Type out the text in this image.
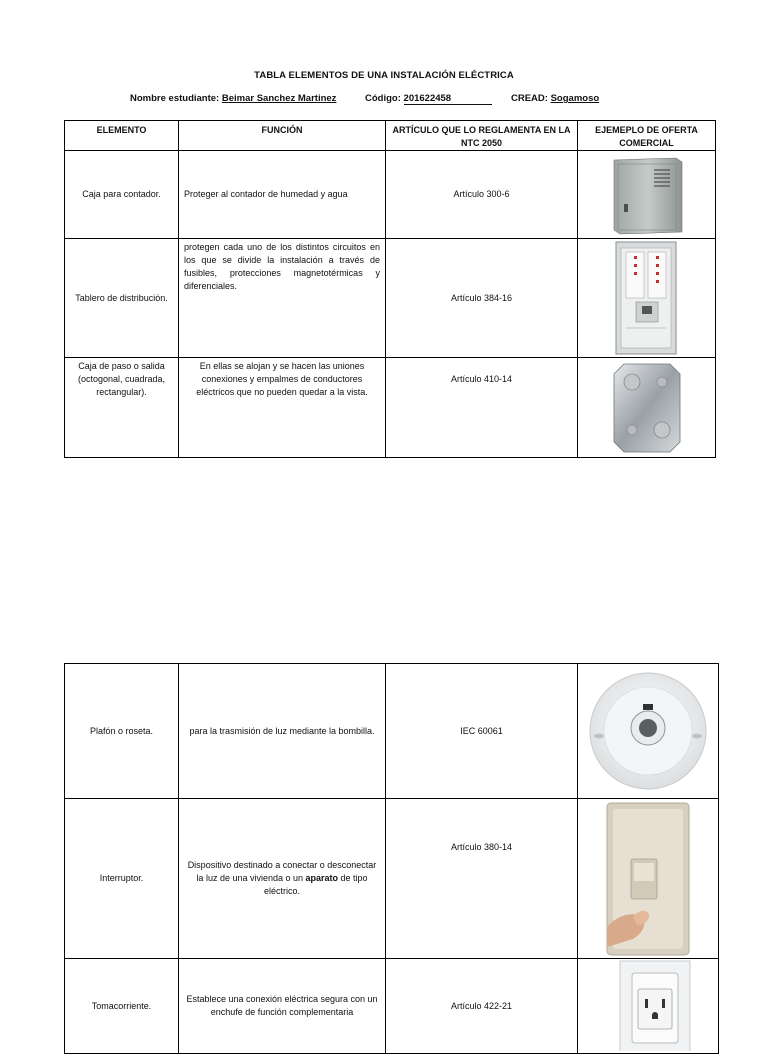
TABLA ELEMENTOS DE UNA INSTALACIÓN ELÉCTRICA
Nombre estudiante: Beimar Sanchez Martinez	Código: 201622458	CREAD: Sogamoso
ELEMENTO	FUNCIÓN	ARTÍCULO QUE LO REGLAMENTA EN LA NTC 2050	EJEMEPLO DE OFERTA COMERCIAL
Caja para contador.	Proteger al contador de humedad y agua	Artículo 300-6	

Tablero de distribución.	protegen cada uno de los distintos circuitos en los que se divide la instalación a través de fusibles, protecciones magnetotérmicas y diferenciales.	Artículo 384-16	

Caja de paso o salida (octogonal, cuadrada, rectangular).	En ellas se alojan y se hacen las uniones conexiones y empalmes de conductores eléctricos que no pueden quedar a la vista.	Artículo 410-14	
Plafón o roseta.	para la trasmisión de luz mediante la bombilla.	IEC 60061	

Interruptor.	Dispositivo destinado a conectar o desconectar la luz de una vivienda o un aparato de tipo eléctrico.	Artículo 380-14	

Tomacorriente.	Establece una conexión eléctrica segura con un enchufe de función complementaria	Artículo 422-21	
